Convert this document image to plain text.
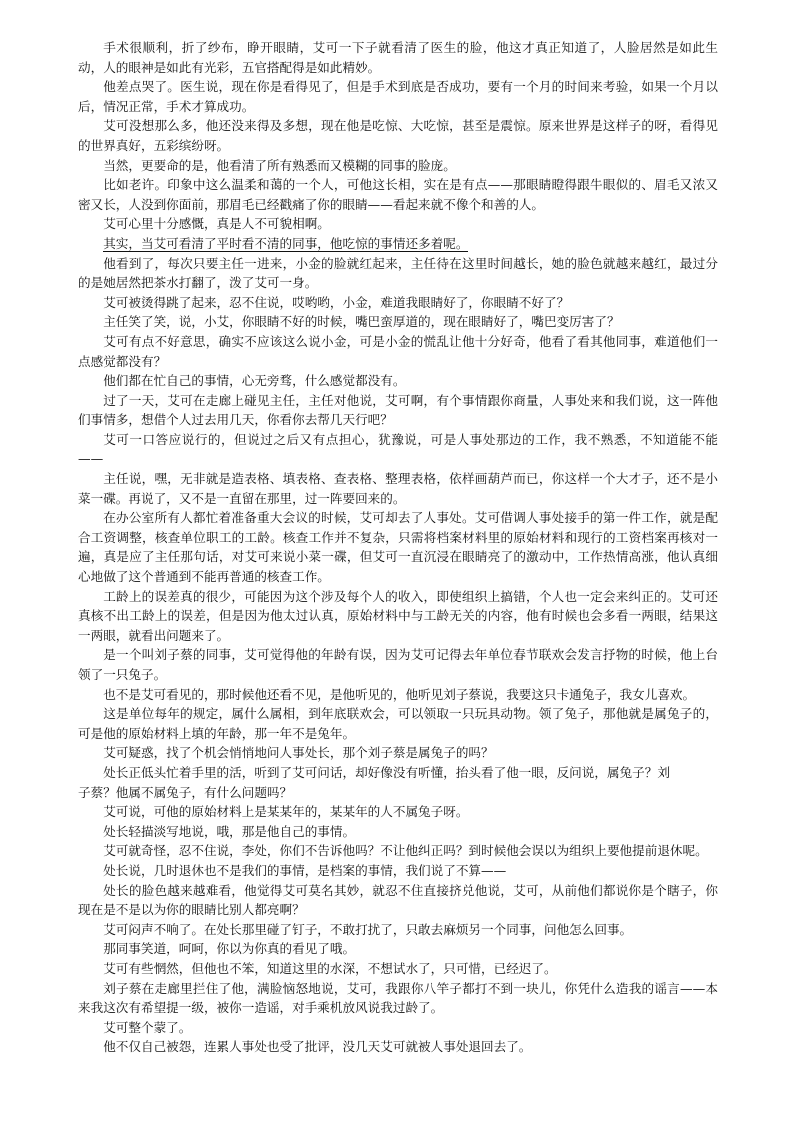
手术很顺利，折了纱布，睁开眼睛，艾可一下子就看清了医生的脸，他这才真正知道了，人脸居然是如此生动，人的眼神是如此有光彩，五官搭配得是如此精妙。

他差点哭了。医生说，现在你是看得见了，但是手术到底是否成功，要有一个月的时间来考验，如果一个月以后，情况正常，手术才算成功。

艾可没想那么多，他还没来得及多想，现在他是吃惊、大吃惊，甚至是震惊。原来世界是这样子的呀，看得见的世界真好，五彩缤纷呀。

当然，更要命的是，他看清了所有熟悉而又模糊的同事的脸庞。

比如老许。印象中这么温柔和蔼的一个人，可他这长相，实在是有点——那眼睛瞪得跟牛眼似的、眉毛又浓又密又长，人没到你面前，那眉毛已经戳痛了你的眼睛——看起来就不像个和善的人。

艾可心里十分感慨，真是人不可貌相啊。

其实，当艾可看清了平时看不清的同事，他吃惊的事情还多着呢。

他看到了，每次只要主任一进来，小金的脸就红起来，主任待在这里时间越长，她的脸色就越来越红，最过分的是她居然把茶水打翻了，泼了艾可一身。

艾可被烫得跳了起来，忍不住说，哎哟哟，小金，难道我眼睛好了，你眼睛不好了？

主任笑了笑，说，小艾，你眼睛不好的时候，嘴巴蛮厚道的，现在眼睛好了，嘴巴变厉害了？

艾可有点不好意思，确实不应该这么说小金，可是小金的慌乱让他十分好奇，他看了看其他同事，难道他们一点感觉都没有？

他们都在忙自己的事情，心无旁骛，什么感觉都没有。

过了一天，艾可在走廊上碰见主任，主任对他说，艾可啊，有个事情跟你商量，人事处来和我们说，这一阵他们事情多，想借个人过去用几天，你看你去帮几天行吧？

艾可一口答应说行的，但说过之后又有点担心，犹豫说，可是人事处那边的工作，我不熟悉，不知道能不能——

主任说，嘿，无非就是造表格、填表格、查表格、整理表格，依样画葫芦而已，你这样一个大才子，还不是小菜一碟。再说了，又不是一直留在那里，过一阵要回来的。

在办公室所有人都忙着准备重大会议的时候，艾可却去了人事处。艾可借调人事处接手的第一件工作，就是配合工资调整，核查单位职工的工龄。核查工作并不复杂，只需将档案材料里的原始材料和现行的工资档案再核对一遍，真是应了主任那句话，对艾可来说小菜一碟，但艾可一直沉浸在眼睛亮了的激动中，工作热情高涨，他认真细心地做了这个普通到不能再普通的核查工作。

工龄上的误差真的很少，可能因为这个涉及每个人的收入，即使组织上搞错，个人也一定会来纠正的。艾可还真核不出工龄上的误差，但是因为他太过认真，原始材料中与工龄无关的内容，他有时候也会多看一两眼，结果这一两眼，就看出问题来了。

是一个叫刘子蔡的同事，艾可觉得他的年龄有误，因为艾可记得去年单位春节联欢会发言抒物的时候，他上台领了一只兔子。

也不是艾可看见的，那时候他还看不见，是他听见的，他听见刘子蔡说，我要这只卡通兔子，我女儿喜欢。

这是单位每年的规定，属什么属相，到年底联欢会，可以领取一只玩具动物。领了兔子，那他就是属兔子的，可是他的原始材料上填的年龄，那一年不是兔年。

艾可疑惑，找了个机会悄悄地问人事处长，那个刘子蔡是属兔子的吗？

处长正低头忙着手里的活，听到了艾可问话，却好像没有听懂，抬头看了他一眼，反问说，属兔子？刘

子蔡？他属不属兔子，有什么问题吗？

艾可说，可他的原始材料上是某某年的，某某年的人不属兔子呀。

处长轻描淡写地说，哦，那是他自己的事情。

艾可就奇怪，忍不住说，李处，你们不告诉他吗？不让他纠正吗？到时候他会误以为组织上要他提前退休呢。

处长说，几时退休也不是我们的事情，是档案的事情，我们说了不算——

处长的脸色越来越难看，他觉得艾可莫名其妙，就忍不住直接挤兑他说，艾可，从前他们都说你是个瞎子，你现在是不是以为你的眼睛比别人都亮啊？

艾可闷声不响了。在处长那里碰了钉子，不敢打扰了，只敢去麻烦另一个同事，问他怎么回事。

那同事笑道，呵呵，你以为你真的看见了哦。

艾可有些惘然，但他也不笨，知道这里的水深，不想试水了，只可惜，已经迟了。

刘子蔡在走廊里拦住了他，满脸恼怒地说，艾可，我跟你八竿子都打不到一块儿，你凭什么造我的谣言——本来我这次有希望提一级，被你一造谣，对手乘机放风说我过龄了。

艾可整个蒙了。

他不仅自己被怨，连累人事处也受了批评，没几天艾可就被人事处退回去了。
